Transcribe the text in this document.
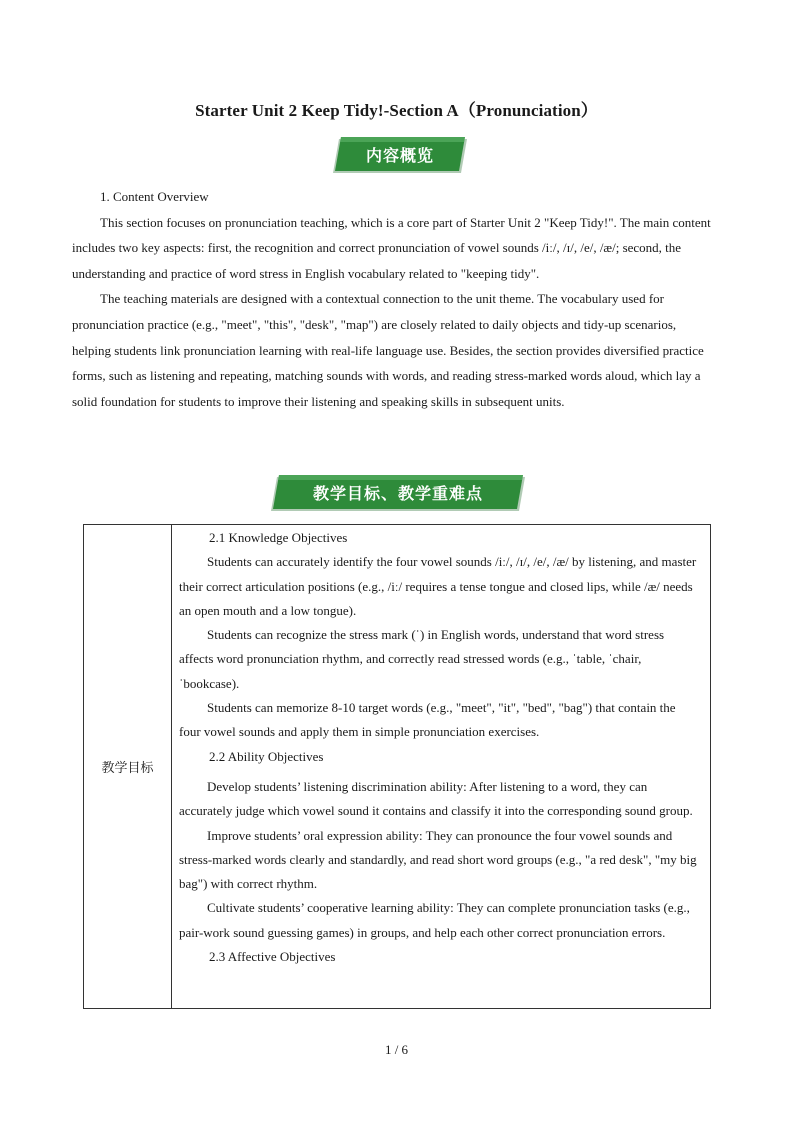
Starter Unit 2 Keep Tidy!-Section A（Pronunciation）
内容概览

1. Content Overview

This section focuses on pronunciation teaching, which is a core part of Starter Unit 2 "Keep Tidy!". The main content includes two key aspects: first, the recognition and correct pronunciation of vowel sounds /iː/, /ɪ/, /e/, /æ/; second, the understanding and practice of word stress in English vocabulary related to "keeping tidy".

The teaching materials are designed with a contextual connection to the unit theme. The vocabulary used for pronunciation practice (e.g., "meet", "this", "desk", "map") are closely related to daily objects and tidy-up scenarios, helping students link pronunciation learning with real-life language use. Besides, the section provides diversified practice forms, such as listening and repeating, matching sounds with words, and reading stress-marked words aloud, which lay a solid foundation for students to improve their listening and speaking skills in subsequent units.

教学目标、教学重难点
教学目标

2.1 Knowledge Objectives

Students can accurately identify the four vowel sounds /iː/, /ɪ/, /e/, /æ/ by listening, and master their correct articulation positions (e.g., /iː/ requires a tense tongue and closed lips, while /æ/ needs an open mouth and a low tongue).

Students can recognize the stress mark (ˈ) in English words, understand that word stress affects word pronunciation rhythm, and correctly read stressed words (e.g., ˈtable, ˈchair, ˈbookcase).

Students can memorize 8-10 target words (e.g., "meet", "it", "bed", "bag") that contain the four vowel sounds and apply them in simple pronunciation exercises.

2.2 Ability Objectives

Develop students’ listening discrimination ability: After listening to a word, they can accurately judge which vowel sound it contains and classify it into the corresponding sound group.

Improve students’ oral expression ability: They can pronounce the four vowel sounds and stress-marked words clearly and standardly, and read short word groups (e.g., "a red desk", "my big bag") with correct rhythm.

Cultivate students’ cooperative learning ability: They can complete pronunciation tasks (e.g., pair-work sound guessing games) in groups, and help each other correct pronunciation errors.

2.3 Affective Objectives

1 / 6
